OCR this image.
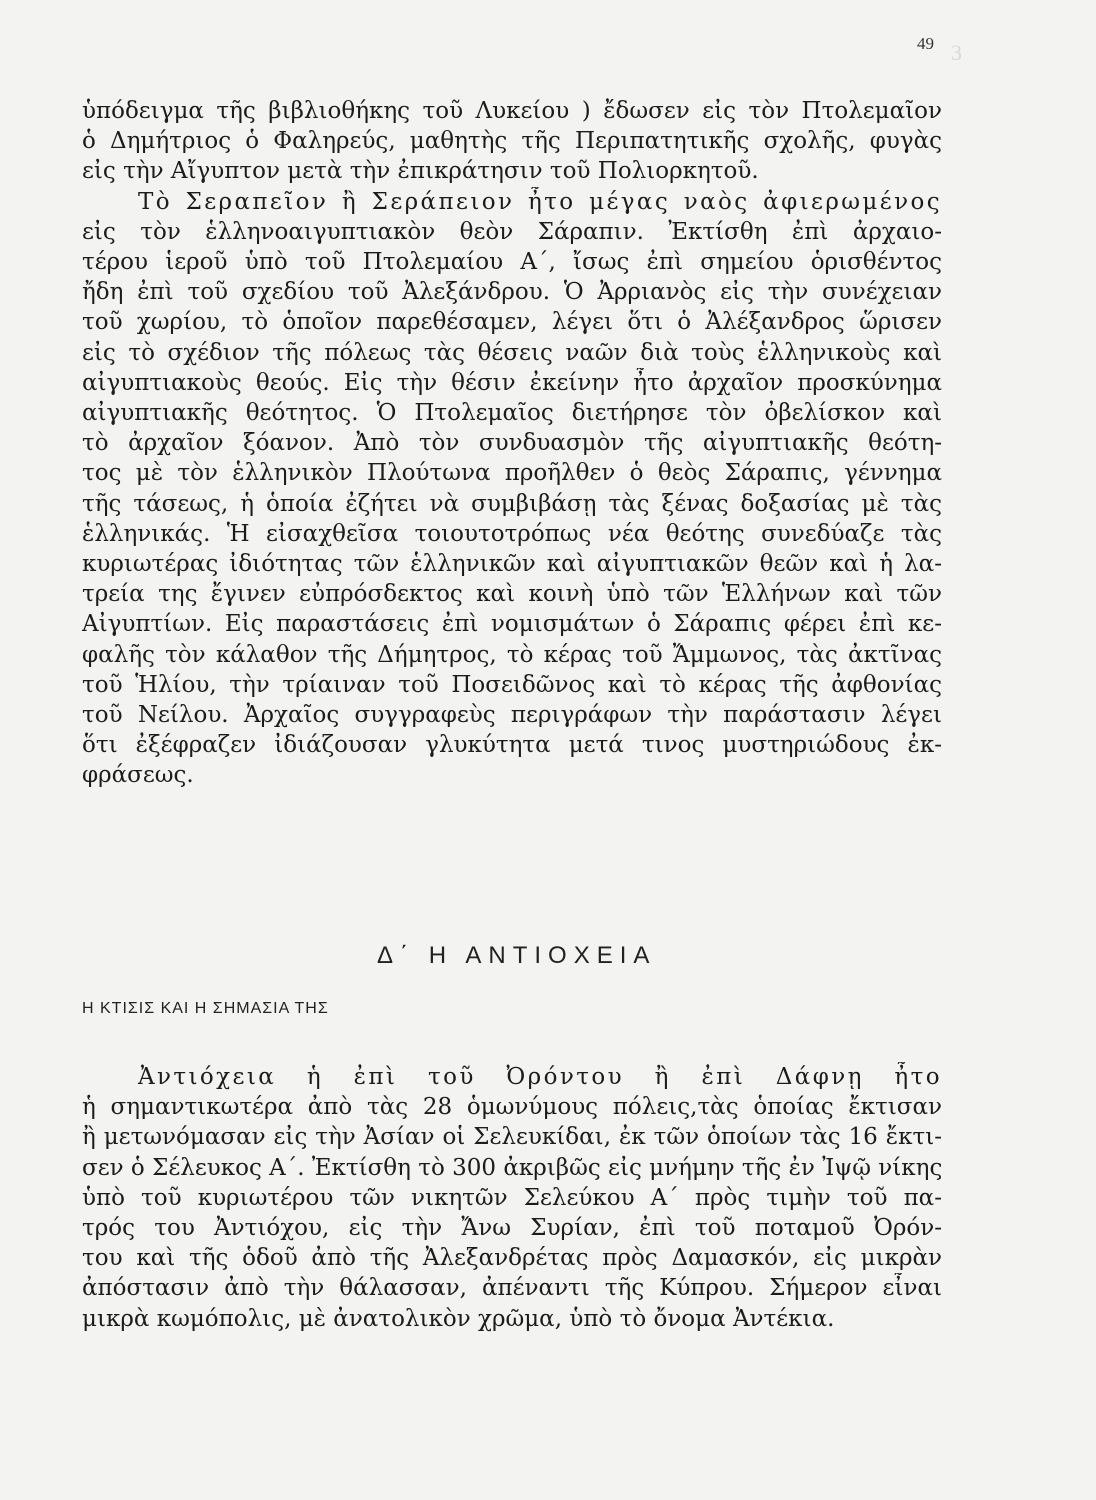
49 3
ὑπόδειγμα τῆς βιβλιοθήκης τοῦ Λυκείου ) ἔδωσεν εἰς τὸν Πτολεμαῖον
ὁ Δημήτριος ὁ Φαληρεύς, μαθητὴς τῆς Περιπατητικῆς σχολῆς, φυγὰς
εἰς τὴν Αἴγυπτον μετὰ τὴν ἐπικράτησιν τοῦ Πολιορκητοῦ.
Τὸ Σεραπεῖον ἢ Σεράπειον ἦτο μέγας ναὸς ἀφιερωμένος
εἰς τὸν ἑλληνοαιγυπτιακὸν θεὸν Σάραπιν. Ἐκτίσθη ἐπὶ ἀρχαιο-
τέρου ἱεροῦ ὑπὸ τοῦ Πτολεμαίου Α΄, ἴσως ἐπὶ σημείου ὁρισθέντος
ἤδη ἐπὶ τοῦ σχεδίου τοῦ Ἀλεξάνδρου. Ὁ Ἀρριανὸς εἰς τὴν συνέχειαν
τοῦ χωρίου, τὸ ὁποῖον παρεθέσαμεν, λέγει ὅτι ὁ Ἀλέξανδρος ὥρισεν
εἰς τὸ σχέδιον τῆς πόλεως τὰς θέσεις ναῶν διὰ τοὺς ἑλληνικοὺς καὶ
αἰγυπτιακοὺς θεούς. Εἰς τὴν θέσιν ἐκείνην ἦτο ἀρχαῖον προσκύνημα
αἰγυπτιακῆς θεότητος. Ὁ Πτολεμαῖος διετήρησε τὸν ὀβελίσκον καὶ
τὸ ἀρχαῖον ξόανον. Ἀπὸ τὸν συνδυασμὸν τῆς αἰγυπτιακῆς θεότη-
τος μὲ τὸν ἑλληνικὸν Πλούτωνα προῆλθεν ὁ θεὸς Σάραπις, γέννημα
τῆς τάσεως, ἡ ὁποία ἐζήτει νὰ συμβιβάσῃ τὰς ξένας δοξασίας μὲ τὰς
ἑλληνικάς. Ἡ εἰσαχθεῖσα τοιουτοτρόπως νέα θεότης συνεδύαζε τὰς
κυριωτέρας ἰδιότητας τῶν ἑλληνικῶν καὶ αἰγυπτιακῶν θεῶν καὶ ἡ λα-
τρεία της ἔγινεν εὐπρόσδεκτος καὶ κοινὴ ὑπὸ τῶν Ἑλλήνων καὶ τῶν
Αἰγυπτίων. Εἰς παραστάσεις ἐπὶ νομισμάτων ὁ Σάραπις φέρει ἐπὶ κε-
φαλῆς τὸν κάλαθον τῆς Δήμητρος, τὸ κέρας τοῦ Ἄμμωνος, τὰς ἀκτῖνας
τοῦ Ἡλίου, τὴν τρίαιναν τοῦ Ποσειδῶνος καὶ τὸ κέρας τῆς ἀφθονίας
τοῦ Νείλου. Ἀρχαῖος συγγραφεὺς περιγράφων τὴν παράστασιν λέγει
ὅτι ἐξέφραζεν ἰδιάζουσαν γλυκύτητα μετά τινος μυστηριώδους ἐκ-
φράσεως.
Δ΄ Η ΑΝΤΙΟΧΕΙΑ
Η ΚΤΙΣΙΣ ΚΑΙ Η ΣΗΜΑΣΙΑ ΤΗΣ
Ἀντιόχεια ἡ ἐπὶ τοῦ Ὀρόντου ἢ ἐπὶ Δάφνῃ ἦτο
ἡ σημαντικωτέρα ἀπὸ τὰς 28 ὁμωνύμους πόλεις,τὰς ὁποίας ἔκτισαν
ἢ μετωνόμασαν εἰς τὴν Ἀσίαν οἱ Σελευκίδαι, ἐκ τῶν ὁποίων τὰς 16 ἔκτι-
σεν ὁ Σέλευκος Α΄. Ἐκτίσθη τὸ 300 ἀκριβῶς εἰς μνήμην τῆς ἐν Ἰψῷ νίκης
ὑπὸ τοῦ κυριωτέρου τῶν νικητῶν Σελεύκου Α΄ πρὸς τιμὴν τοῦ πα-
τρός του Ἀντιόχου, εἰς τὴν Ἄνω Συρίαν, ἐπὶ τοῦ ποταμοῦ Ὀρόν-
του καὶ τῆς ὁδοῦ ἀπὸ τῆς Ἀλεξανδρέτας πρὸς Δαμασκόν, εἰς μικρὰν
ἀπόστασιν ἀπὸ τὴν θάλασσαν, ἀπέναντι τῆς Κύπρου. Σήμερον εἶναι
μικρὰ κωμόπολις, μὲ ἀνατολικὸν χρῶμα, ὑπὸ τὸ ὄνομα Ἀντέκια.
